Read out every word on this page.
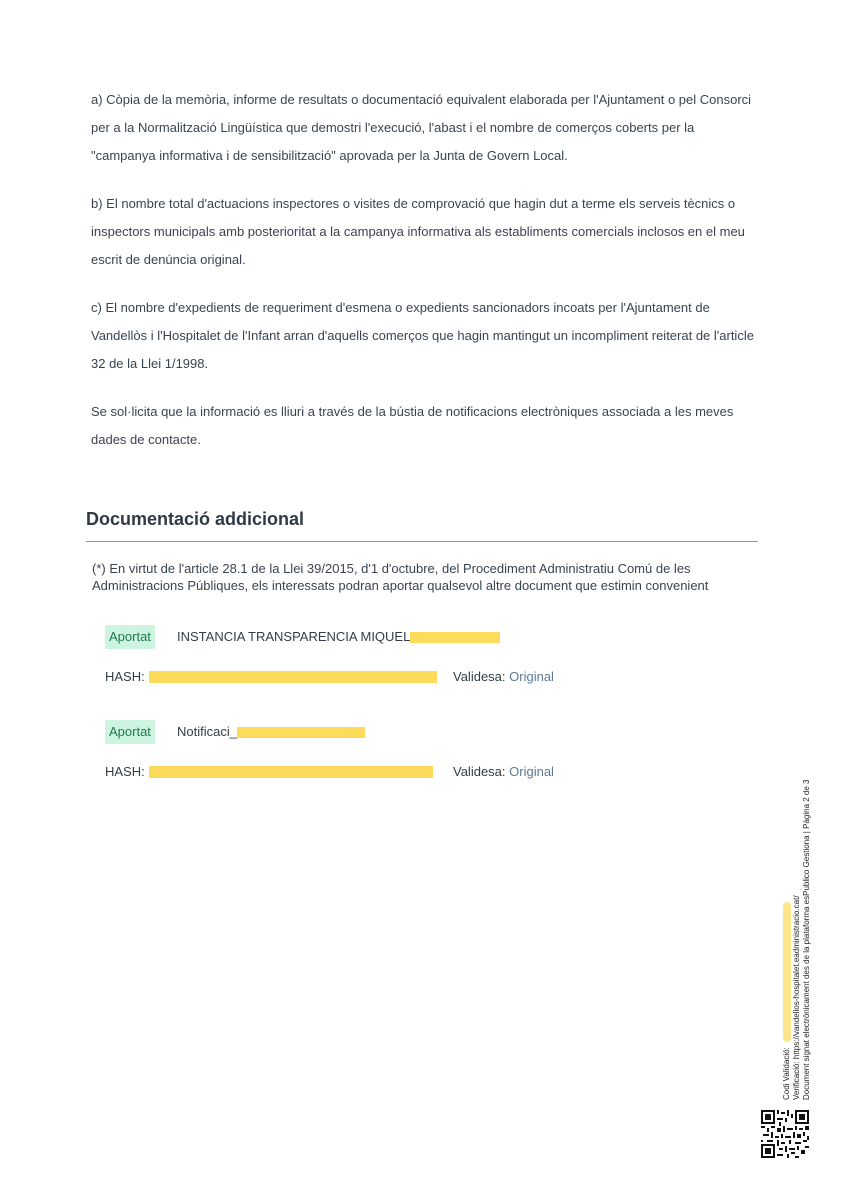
a) Còpia de la memòria, informe de resultats o documentació equivalent elaborada per l'Ajuntament o pel Consorci per a la Normalització Lingüística que demostri l'execució, l'abast i el nombre de comerços coberts per la "campanya informativa i de sensibilització" aprovada per la Junta de Govern Local.

b) El nombre total d'actuacions inspectores o visites de comprovació que hagin dut a terme els serveis tècnics o inspectors municipals amb posterioritat a la campanya informativa als establiments comercials inclosos en el meu escrit de denúncia original.

c) El nombre d'expedients de requeriment d'esmena o expedients sancionadors incoats per l'Ajuntament de Vandellòs i l'Hospitalet de l'Infant arran d'aquells comerços que hagin mantingut un incompliment reiterat de l'article 32 de la Llei 1/1998.

Se sol·licita que la informació es lliuri a través de la bústia de notificacions electròniques associada a les meves dades de contacte.

Documentació addicional

(*) En virtut de l'article 28.1 de la Llei 39/2015, d'1 d'octubre, del Procediment Administratiu Comú de les Administracions Públiques, els interessats podran aportar qualsevol altre document que estimin convenient

Aportat	INSTANCIA TRANSPARENCIA MIQUEL
HASH:	Validesa: Original
Aportat	Notificaci_
HASH:	Validesa: Original
Codi Validació: Verificació: https://vandellos-hospitalet.eadministracio.cat/ Document signat electrònicament des de la plataforma esPublico Gestiona | Pàgina 2 de 3
